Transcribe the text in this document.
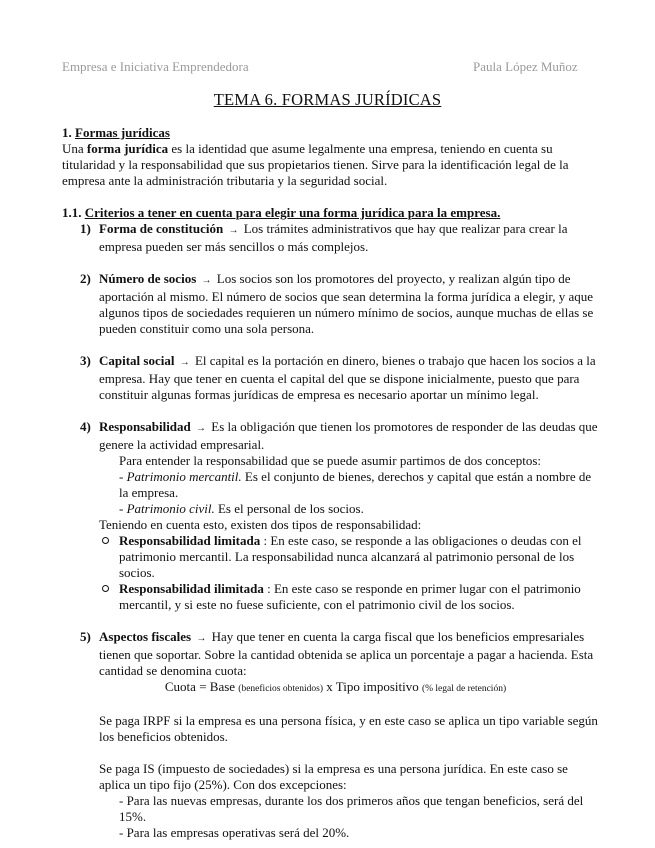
Empresa e Iniciativa Emprendedora	Paula López Muñoz
TEMA 6. FORMAS JURÍDICAS

1. Formas jurídicas

Una forma jurídica es la identidad que asume legalmente una empresa, teniendo en cuenta su titularidad y la responsabilidad que sus propietarios tienen. Sirve para la identificación legal de la empresa ante la administración tributaria y la seguridad social.

1.1. Criterios a tener en cuenta para elegir una forma jurídica para la empresa.

1) Forma de constitución → Los trámites administrativos que hay que realizar para crear la empresa pueden ser más sencillos o más complejos.
2) Número de socios → Los socios son los promotores del proyecto, y realizan algún tipo de aportación al mismo. El número de socios que sean determina la forma jurídica a elegir, y aque algunos tipos de sociedades requieren un número mínimo de socios, aunque muchas de ellas se pueden constituir como una sola persona.
3) Capital social → El capital es la portación en dinero, bienes o trabajo que hacen los socios a la empresa. Hay que tener en cuenta el capital del que se dispone inicialmente, puesto que para constituir algunas formas jurídicas de empresa es necesario aportar un mínimo legal.
4) Responsabilidad → Es la obligación que tienen los promotores de responder de las deudas que genere la actividad empresarial.

Para entender la responsabilidad que se puede asumir partimos de dos conceptos:

- Patrimonio mercantil. Es el conjunto de bienes, derechos y capital que están a nombre de la empresa.

- Patrimonio civil. Es el personal de los socios.

Teniendo en cuenta esto, existen dos tipos de responsabilidad:

Responsabilidad limitada : En este caso, se responde a las obligaciones o deudas con el patrimonio mercantil. La responsabilidad nunca alcanzará al patrimonio personal de los socios.
Responsabilidad ilimitada : En este caso se responde en primer lugar con el patrimonio mercantil, y si este no fuese suficiente, con el patrimonio civil de los socios.
5) Aspectos fiscales → Hay que tener en cuenta la carga fiscal que los beneficios empresariales tienen que soportar. Sobre la cantidad obtenida se aplica un porcentaje a pagar a hacienda. Esta cantidad se denomina cuota:

Cuota = Base (beneficios obtenidos) x Tipo impositivo (% legal de retención)

Se paga IRPF si la empresa es una persona física, y en este caso se aplica un tipo variable según los beneficios obtenidos.

Se paga IS (impuesto de sociedades) si la empresa es una persona jurídica. En este caso se aplica un tipo fijo (25%). Con dos excepciones:

- Para las nuevas empresas, durante los dos primeros años que tengan beneficios, será del 15%.

- Para las empresas operativas será del 20%.
